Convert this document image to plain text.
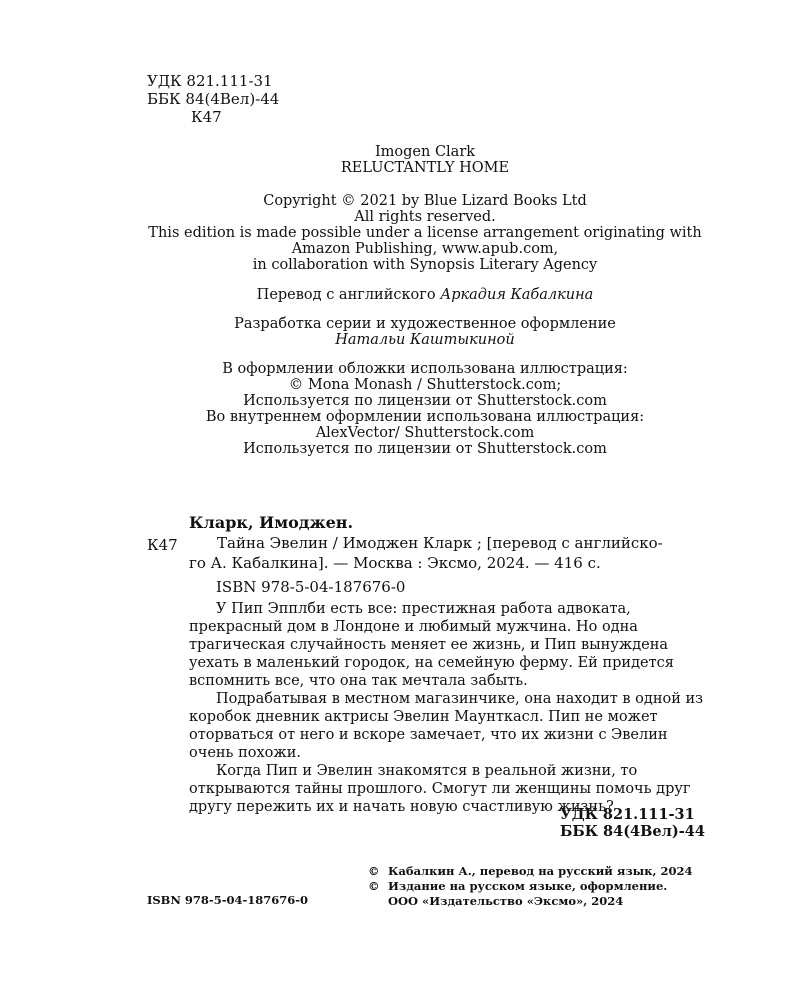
УДК 821.111-31
ББК 84(4Вел)-44
К47
Imogen Clark
RELUCTANTLY HOME
Copyright © 2021 by Blue Lizard Books Ltd
All rights reserved.
This edition is made possible under a license arrangement originating with
Amazon Publishing, www.apub.com,
in collaboration with Synopsis Literary Agency
Перевод с английского Аркадия Кабалкина
Разработка серии и художественное оформление
Натальи Каштыкиной
В оформлении обложки использована иллюстрация:
© Mona Monash / Shutterstock.com;
Используется по лицензии от Shutterstock.com
Во внутреннем оформлении использована иллюстрация:
AlexVector/ Shutterstock.com
Используется по лицензии от Shutterstock.com
Кларк, Имоджен.
К47	Тайна Эвелин / Имоджен Кларк ; [перевод с английско-
го А. Кабалкина]. — Москва : Эксмо, 2024. — 416 с.
ISBN 978-5-04-187676-0

У Пип Эпплби есть все: престижная работа адвоката, прекрасный дом в Лондоне и любимый мужчина. Но одна трагическая случайность меняет ее жизнь, и Пип вынуждена уехать в маленький городок, на семейную ферму. Ей придется вспомнить все, что она так мечтала забыть.

Подрабатывая в местном магазинчике, она находит в одной из коробок дневник актрисы Эвелин Маунткасл. Пип не может оторваться от него и вскоре замечает, что их жизни с Эвелин очень похожи.

Когда Пип и Эвелин знакомятся в реальной жизни, то открываются тайны прошлого. Смогут ли женщины помочь друг другу пережить их и начать новую счастливую жизнь?

УДК 821.111-31
ББК 84(4Вел)-44
© Кабалкин А., перевод на русский язык, 2024
© Издание на русском языке, оформление.
ООО «Издательство «Эксмо», 2024
ISBN 978-5-04-187676-0
